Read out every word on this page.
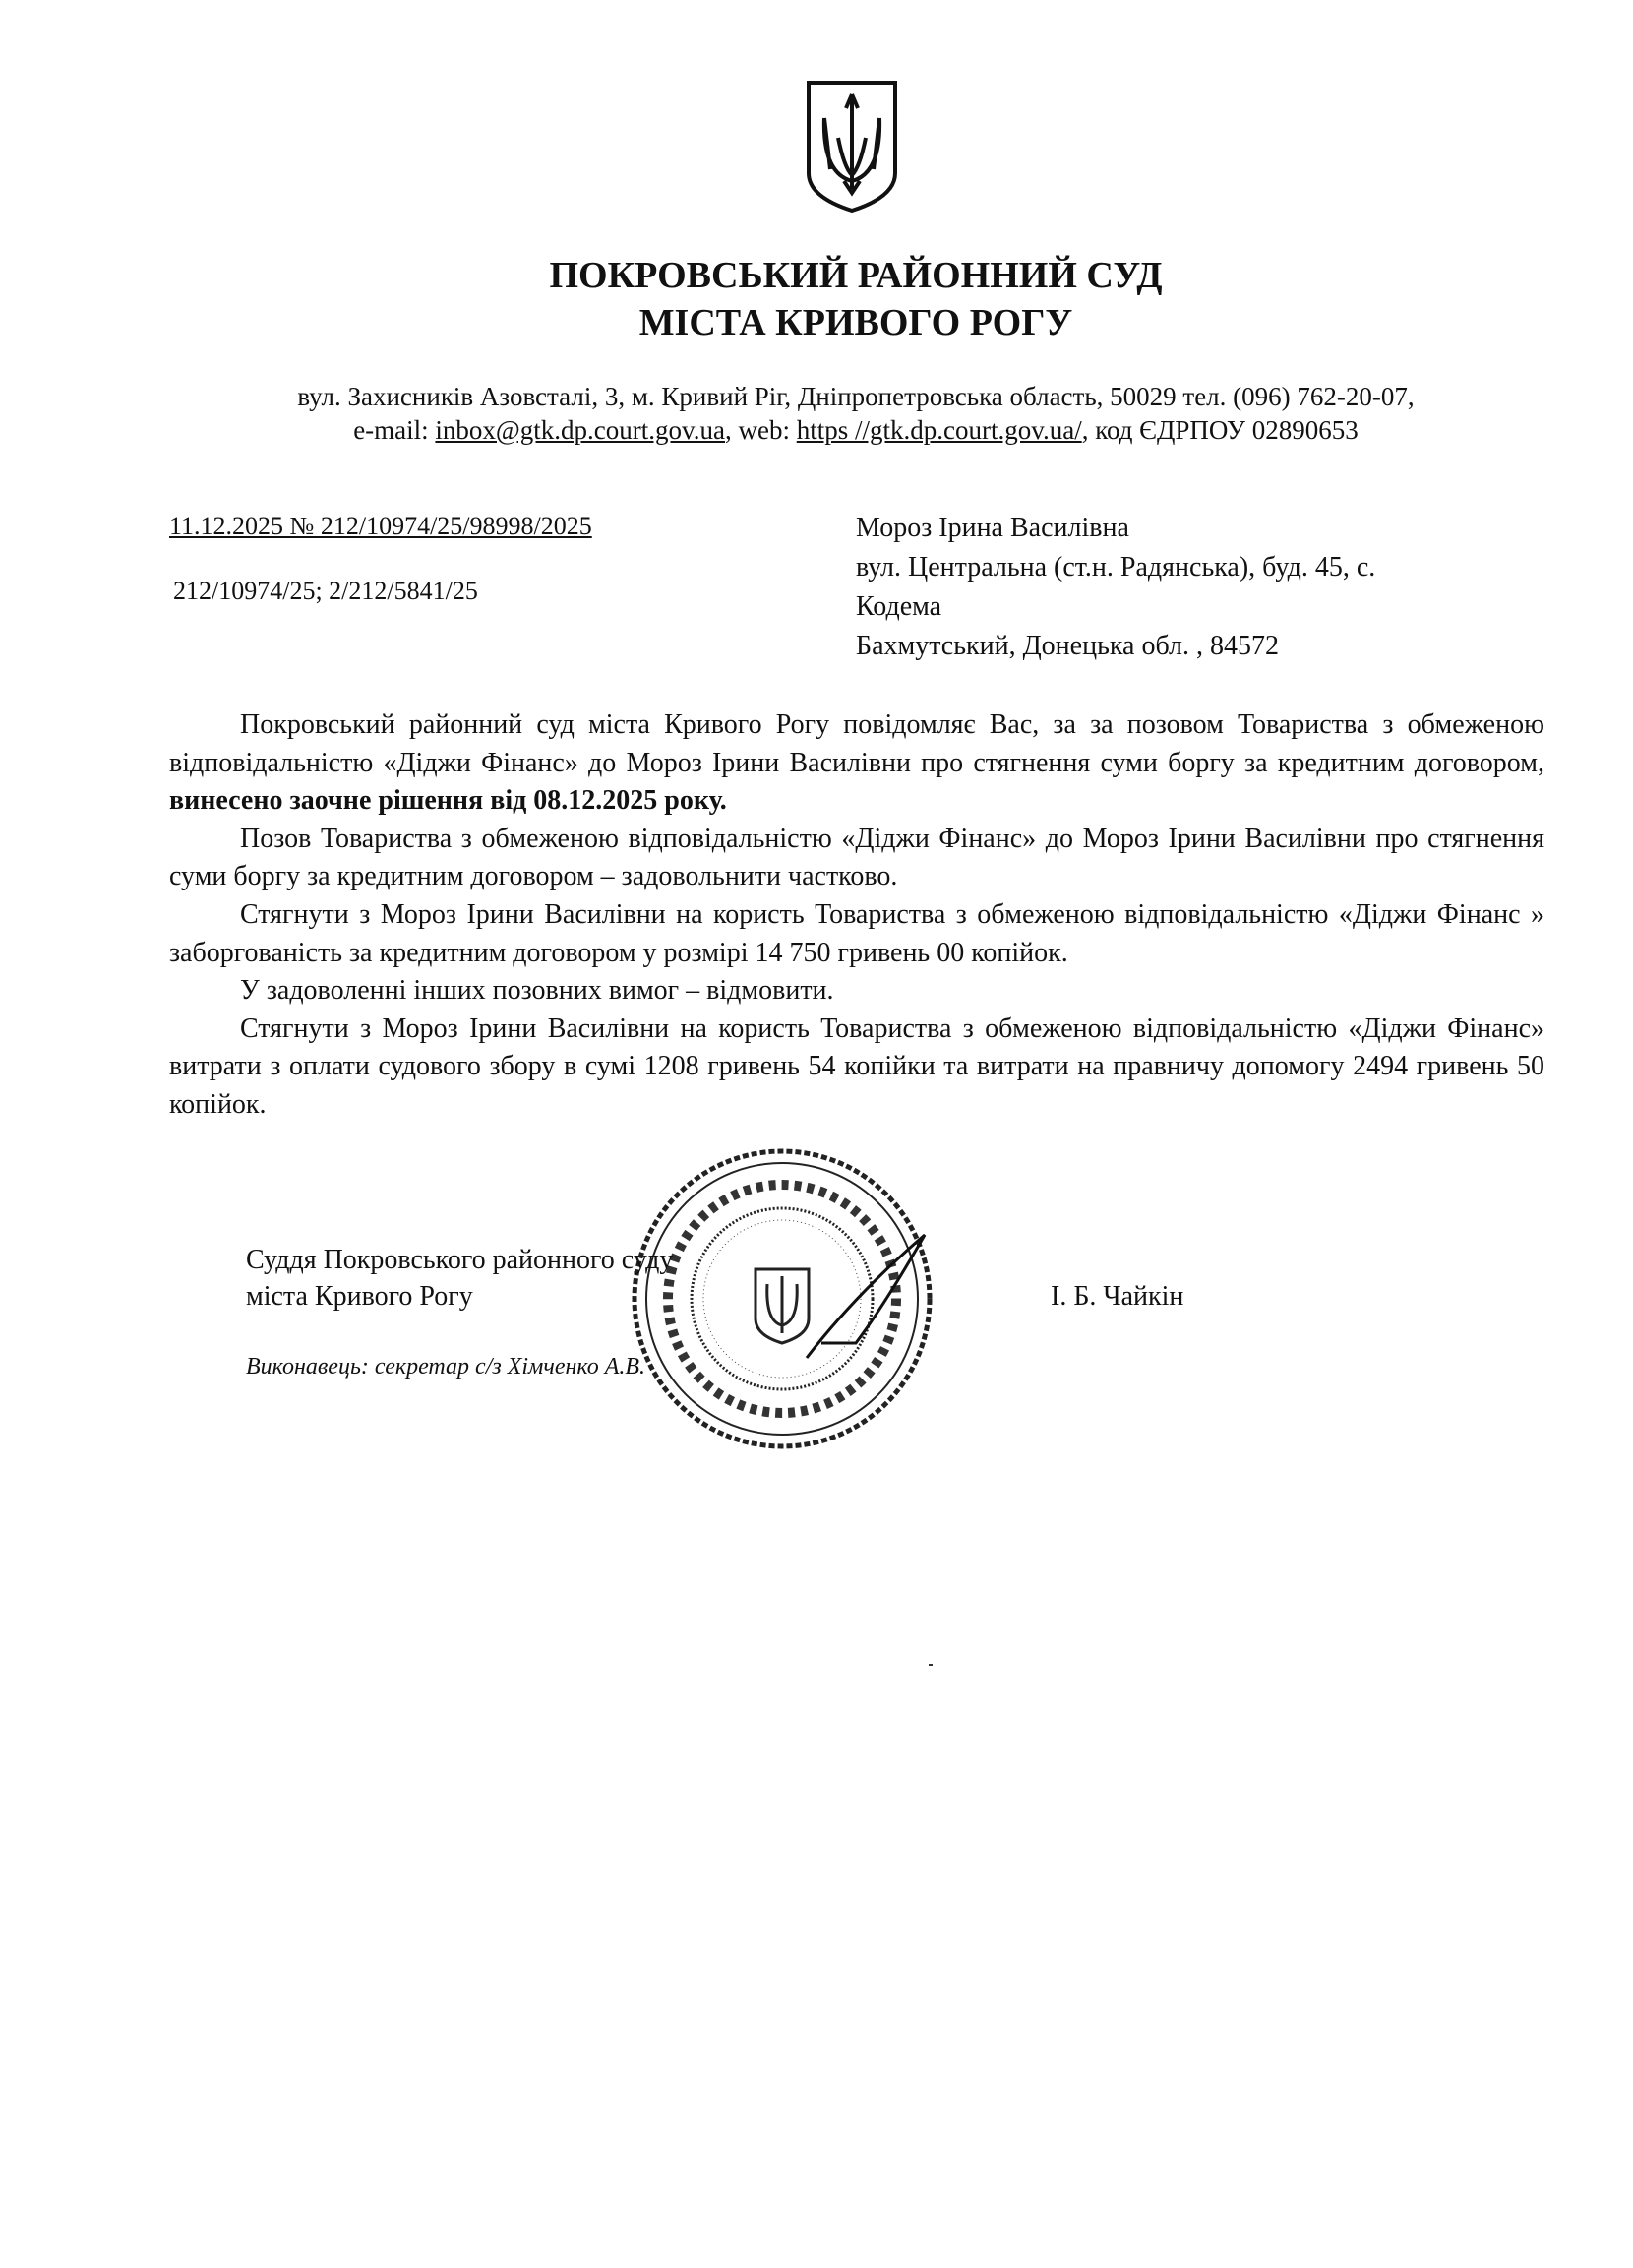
ПОКРОВСЬКИЙ РАЙОННИЙ СУД
МІСТА КРИВОГО РОГУ
вул. Захисників Азовсталі, 3, м. Кривий Ріг, Дніпропетровська область, 50029 тел. (096) 762-20-07,
e-mail: inbox@gtk.dp.court.gov.ua, web: https //gtk.dp.court.gov.ua/, код ЄДРПОУ 02890653
11.12.2025 № 212/10974/25/98998/2025
212/10974/25; 2/212/5841/25
Мороз Ірина Василівна
вул. Центральна (ст.н. Радянська), буд. 45, с.
Кодема
Бахмутський, Донецька обл. , 84572

Покровський районний суд міста Кривого Рогу повідомляє Вас, за за позовом Товариства з обмеженою відповідальністю «Діджи Фінанс» до Мороз Ірини Василівни про стягнення суми боргу за кредитним договором, винесено заочне рішення від 08.12.2025 року.

Позов Товариства з обмеженою відповідальністю «Діджи Фінанс» до Мороз Ірини Василівни про стягнення суми боргу за кредитним договором – задовольнити частково.

Стягнути з Мороз Ірини Василівни на користь Товариства з обмеженою відповідальністю «Діджи Фінанс » заборгованість за кредитним договором у розмірі 14 750 гривень 00 копійок.

У задоволенні інших позовних вимог – відмовити.

Стягнути з Мороз Ірини Василівни на користь Товариства з обмеженою відповідальністю «Діджи Фінанс» витрати з оплати судового збору в сумі 1208 гривень 54 копійки та витрати на правничу допомогу 2494 гривень 50 копійок.

Суддя Покровського районного суду
міста Кривого Рогу	І. Б. Чайкін
Виконавець: секретар с/з Хімченко А.В.
